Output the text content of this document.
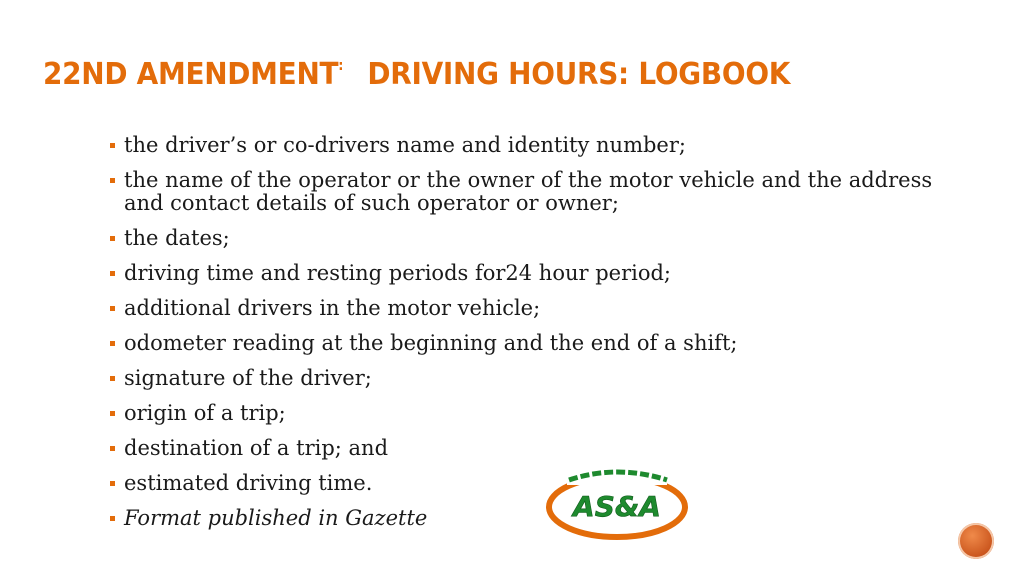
22ND AMENDMENT: DRIVING HOURS: LOGBOOK
the driver’s or co-drivers name and identity number;
the name of the operator or the owner of the motor vehicle and the address and contact details of such operator or owner;
the dates;
driving time and resting periods for24 hour period;
additional drivers in the motor vehicle;
odometer reading at the beginning and the end of a shift;
signature of the driver;
origin of a trip;
destination of a trip; and
estimated driving time.
Format published in Gazette	AS&A
